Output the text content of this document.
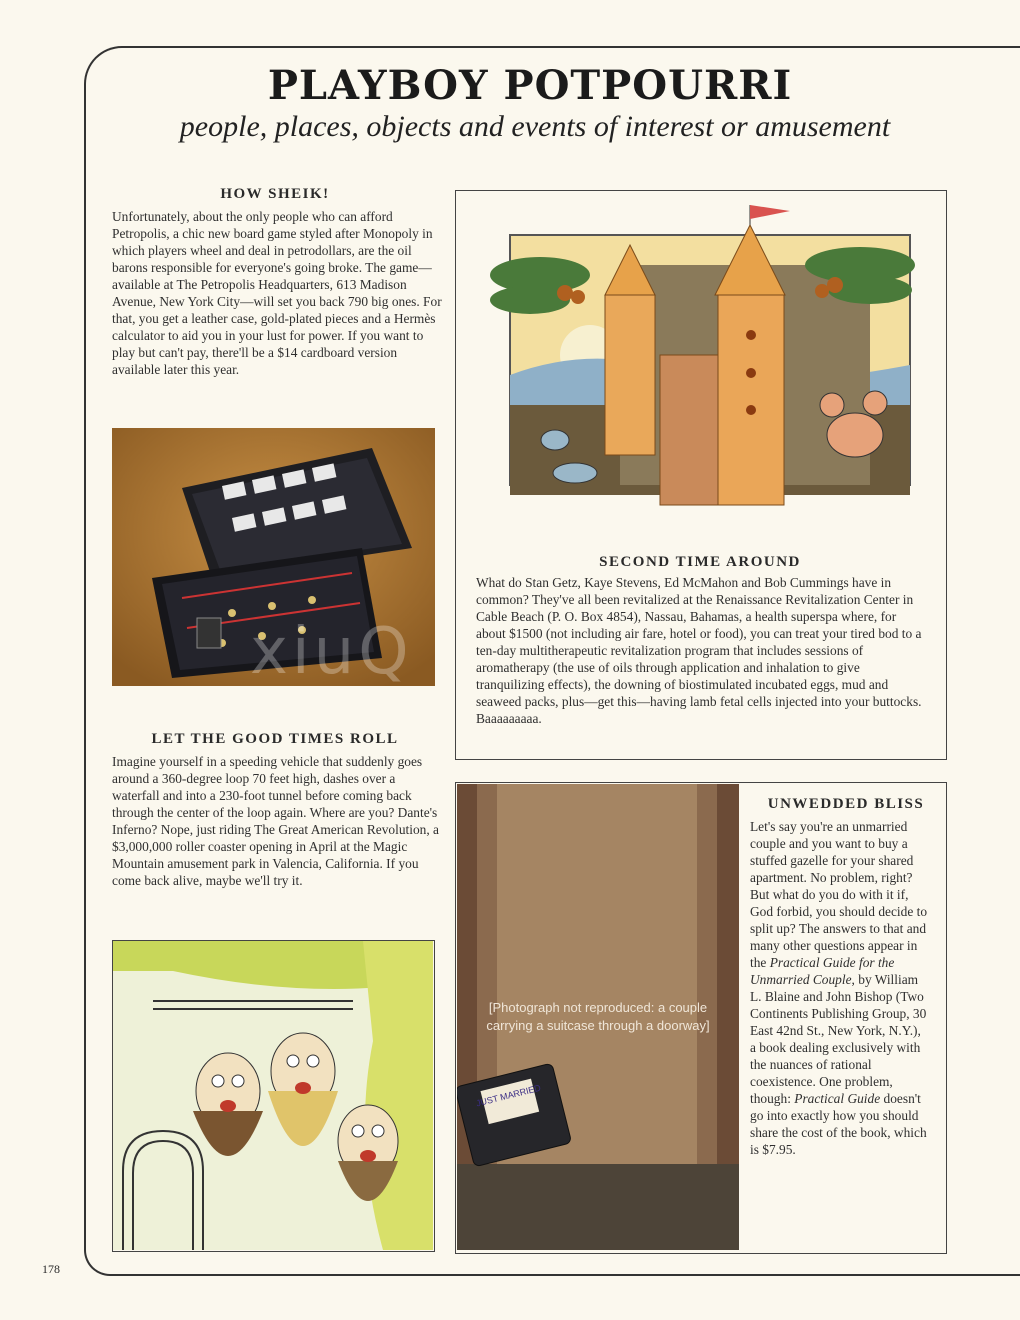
PLAYBOY POTPOURRI
people, places, objects and events of interest or amusement
HOW SHEIK!
Unfortunately, about the only people who can afford Petropolis, a chic new board game styled after Monopoly in which players wheel and deal in petrodollars, are the oil barons responsible for everyone's going broke. The game—available at The Petropolis Headquarters, 613 Madison Avenue, New York City—will set you back 790 big ones. For that, you get a leather case, gold-plated pieces and a Hermès calculator to aid you in your lust for power. If you want to play but can't pay, there'll be a $14 cardboard version available later this year.
SECOND TIME AROUND
What do Stan Getz, Kaye Stevens, Ed McMahon and Bob Cummings have in common? They've all been revitalized at the Renaissance Revitalization Center in Cable Beach (P. O. Box 4854), Nassau, Bahamas, a health superspa where, for about $1500 (not including air fare, hotel or food), you can treat your tired bod to a ten-day multitherapeutic revitalization program that includes sessions of aromatherapy (the use of oils through application and inhalation to give tranquilizing effects), the downing of biostimulated incubated eggs, mud and seaweed packs, plus—get this—having lamb fetal cells injected into your buttocks. Baaaaaaaaa.
LET THE GOOD TIMES ROLL
Imagine yourself in a speeding vehicle that suddenly goes around a 360-degree loop 70 feet high, dashes over a waterfall and into a 230-foot tunnel before coming back through the center of the loop again. Where are you? Dante's Inferno? Nope, just riding The Great American Revolution, a $3,000,000 roller coaster opening in April at the Magic Mountain amusement park in Valencia, California. If you come back alive, maybe we'll try it.
JUST MARRIED
[Photograph not reproduced: a couple carrying a suitcase through a doorway]
UNWEDDED BLISS
Let's say you're an unmarried couple and you want to buy a stuffed gazelle for your shared apartment. No problem, right? But what do you do with it if, God forbid, you should decide to split up? The answers to that and many other questions appear in the Practical Guide for the Unmarried Couple, by William L. Blaine and John Bishop (Two Continents Publishing Group, 30 East 42nd St., New York, N.Y.), a book dealing exclusively with the nuances of rational coexistence. One problem, though: Practical Guide doesn't go into exactly how you should share the cost of the book, which is $7.95.
178
xiuQ
